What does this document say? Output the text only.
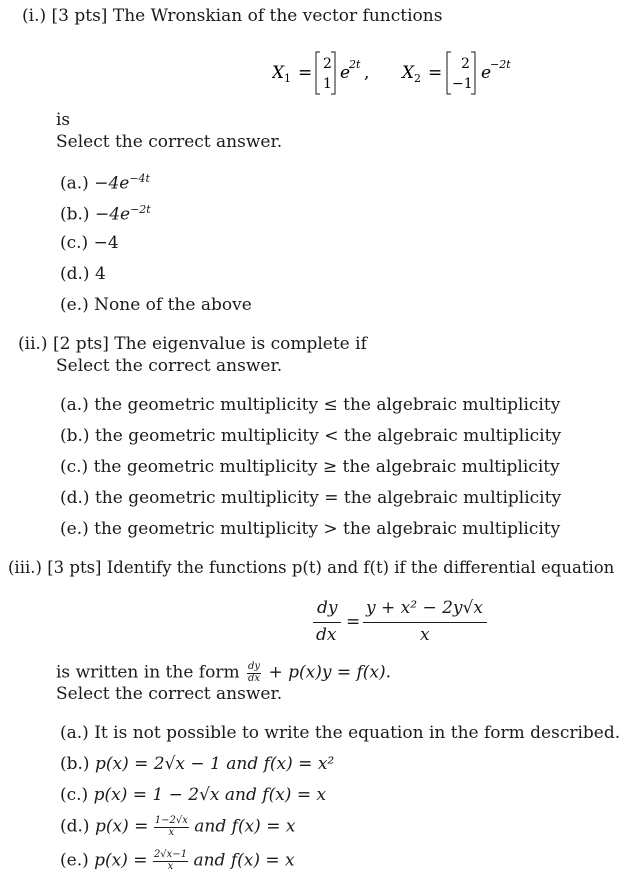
(i.) [3 pts] The Wronskian of the vector functions
X 1 = 2
1
e
2t , X 2 = 2
−1
e
−2t
is
Select the correct answer.
$(a.) -4e^{-4t}$
$(b.) -4e^{-2t}$
(c.) −4
(d.) 4
(e.) None of the above
(ii.) [2 pts] The eigenvalue is complete if
Select the correct answer.
(a.) the geometric multiplicity ≤ the algebraic multiplicity
(b.) the geometric multiplicity < the algebraic multiplicity
(c.) the geometric multiplicity ≥ the algebraic multiplicity
(d.) the geometric multiplicity = the algebraic multiplicity
(e.) the geometric multiplicity > the algebraic multiplicity
(iii.) [3 pts] Identify the functions p(t) and f(t) if the differential equation
dy
dx
=
y + x² − 2y√x
x
is written in the form $\frac{dy}{dx} + p(x)y = f(x)$.
Select the correct answer.
(a.) It is not possible to write the equation in the form described.
(b.) p(x) = 2√x − 1 and f(x) = x²
(c.) p(x) = 1 − 2√x and f(x) = x
(d.) $p(x) = \frac{1-2√x}{x}$ and f(x) = x
(e.) $p(x) = \frac{2√x-1}{x}$ and f(x) = x
